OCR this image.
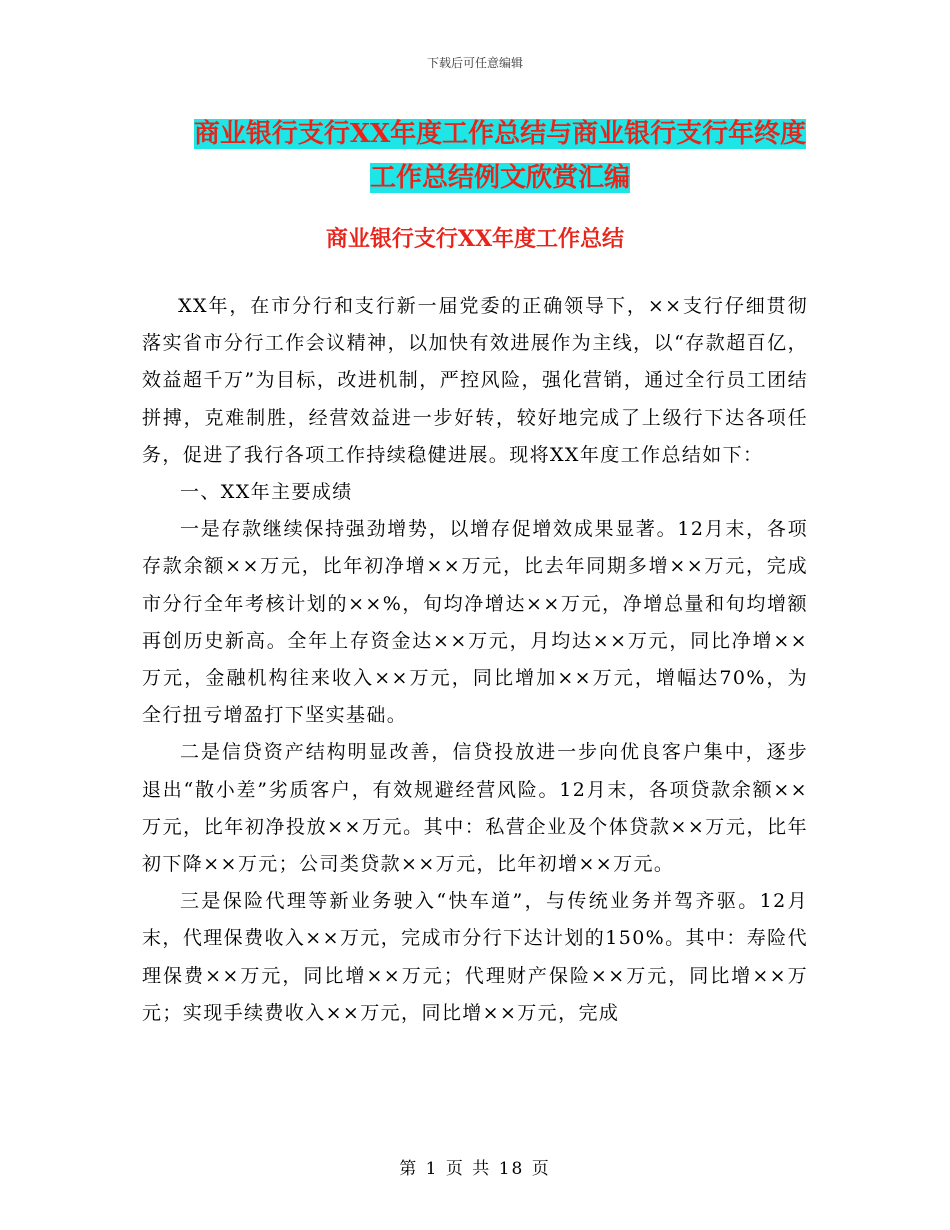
下载后可任意编辑
商业银行支行XX年度工作总结与商业银行支行年终度
工作总结例文欣赏汇编
商业银行支行XX年度工作总结

XX年，在市分行和支行新一届党委的正确领导下，××支行仔细贯彻落实省市分行工作会议精神，以加快有效进展作为主线，以“存款超百亿，效益超千万”为目标，改进机制，严控风险，强化营销，通过全行员工团结拼搏，克难制胜，经营效益进一步好转，较好地完成了上级行下达各项任务，促进了我行各项工作持续稳健进展。现将XX年度工作总结如下：

一、XX年主要成绩

一是存款继续保持强劲增势，以增存促增效成果显著。12月末，各项存款余额××万元，比年初净增××万元，比去年同期多增××万元，完成市分行全年考核计划的××%，旬均净增达××万元，净增总量和旬均增额再创历史新高。全年上存资金达××万元，月均达××万元，同比净增××万元，金融机构往来收入××万元，同比增加××万元，增幅达70%，为全行扭亏增盈打下坚实基础。

二是信贷资产结构明显改善，信贷投放进一步向优良客户集中，逐步退出“散小差”劣质客户，有效规避经营风险。12月末，各项贷款余额××万元，比年初净投放××万元。其中：私营企业及个体贷款××万元，比年初下降××万元；公司类贷款××万元，比年初增××万元。

三是保险代理等新业务驶入“快车道”，与传统业务并驾齐驱。12月末，代理保费收入××万元，完成市分行下达计划的150%。其中：寿险代理保费××万元，同比增××万元；代理财产保险××万元，同比增××万元；实现手续费收入××万元，同比增××万元，完成

第 1 页 共 18 页
